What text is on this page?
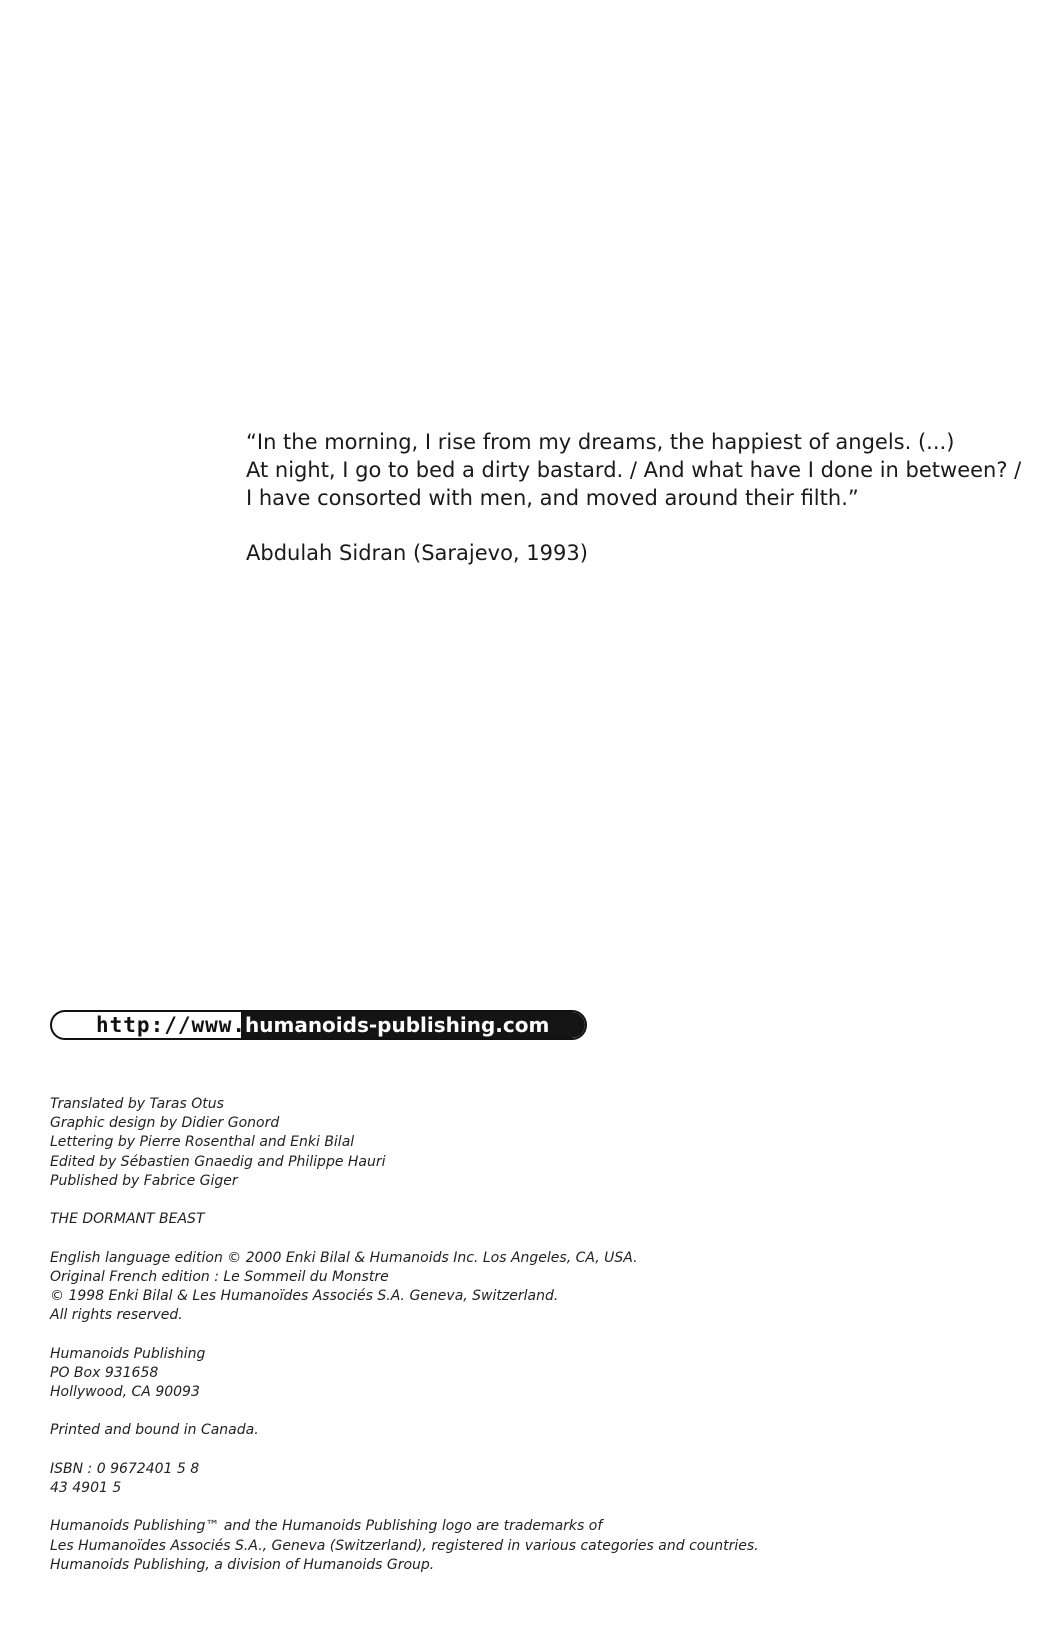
“In the morning, I rise from my dreams, the happiest of angels. (...)
At night, I go to bed a dirty bastard. / And what have I done in between? /
I have consorted with men, and moved around their filth.”
Abdulah Sidran (Sarajevo, 1993)
http://www.
humanoids-publishing.com
Translated by Taras Otus
Graphic design by Didier Gonord
Lettering by Pierre Rosenthal and Enki Bilal
Edited by Sébastien Gnaedig and Philippe Hauri
Published by Fabrice Giger
THE DORMANT BEAST
English language edition © 2000 Enki Bilal & Humanoids Inc. Los Angeles, CA, USA.
Original French edition : Le Sommeil du Monstre
© 1998 Enki Bilal & Les Humanoïdes Associés S.A. Geneva, Switzerland.
All rights reserved.
Humanoids Publishing
PO Box 931658
Hollywood, CA 90093
Printed and bound in Canada.
ISBN : 0 9672401 5 8
43 4901 5
Humanoids Publishing™ and the Humanoids Publishing logo are trademarks of
Les Humanoïdes Associés S.A., Geneva (Switzerland), registered in various categories and countries.
Humanoids Publishing, a division of Humanoids Group.
